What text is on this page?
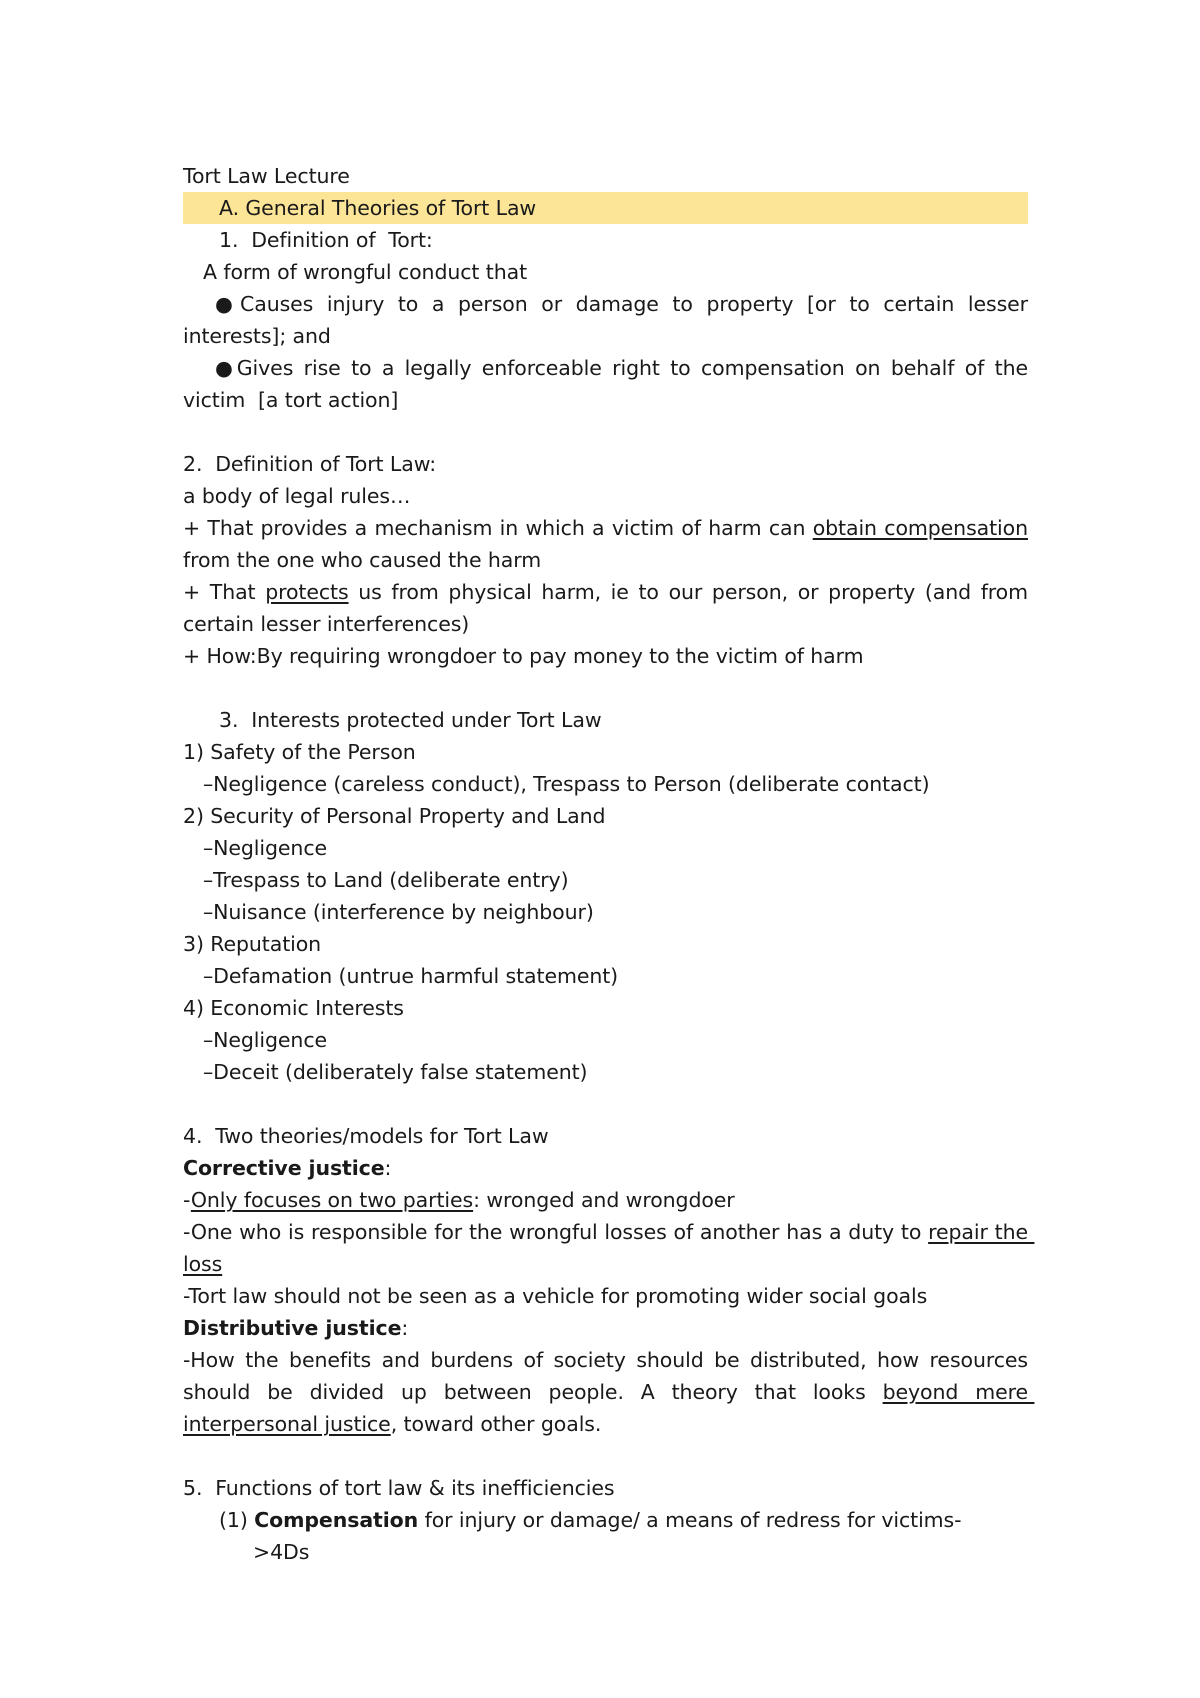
Tort Law Lecture

A. General Theories of Tort Law

1.  Definition of  Tort:

A form of wrongful conduct that

●Causes injury to a person or damage to property [or to certain lesser interests]; and

●Gives rise to a legally enforceable right to compensation on behalf of the victim  [a tort action]

2.  Definition of Tort Law:

a body of legal rules…

+ That provides a mechanism in which a victim of harm can obtain compensation from the one who caused the harm

+ That protects us from physical harm, ie to our person, or property (and from certain lesser interferences)

+ How:By requiring wrongdoer to pay money to the victim of harm

3.  Interests protected under Tort Law

1) Safety of the Person

–Negligence (careless conduct), Trespass to Person (deliberate contact)

2) Security of Personal Property and Land

–Negligence

–Trespass to Land (deliberate entry)

–Nuisance (interference by neighbour)

3) Reputation

–Defamation (untrue harmful statement)

4) Economic Interests

–Negligence

–Deceit (deliberately false statement)

4.  Two theories/models for Tort Law

Corrective justice:

-Only focuses on two parties: wronged and wrongdoer

-One who is responsible for the wrongful losses of another has a duty to repair the loss

-Tort law should not be seen as a vehicle for promoting wider social goals

Distributive justice:

-How the benefits and burdens of society should be distributed, how resources should be divided up between people. A theory that looks beyond mere interpersonal justice, toward other goals.

5.  Functions of tort law & its inefficiencies

(1) Compensation for injury or damage/ a means of redress for victims-

>4Ds
